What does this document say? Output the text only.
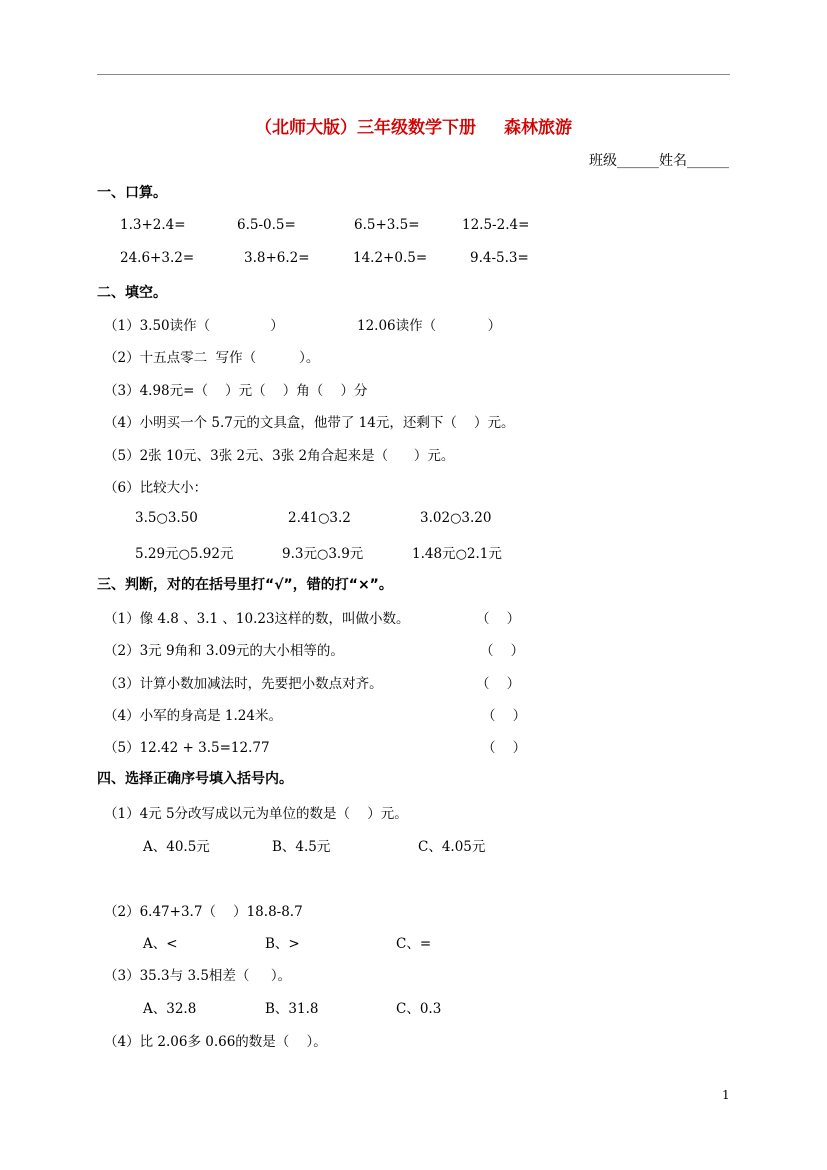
（北师大版）三年级数学下册 森林旅游
班级______姓名______
一、口算。
1.3+2.4=	6.5-0.5=	6.5+3.5=	12.5-2.4=
24.6+3.2=	3.8+6.2=	14.2+0.5=	9.4-5.3=
二、填空。
（1）3.50读作（              ）	12.06读作（            ）
（2）十五点零二  写作（          ）。
（3）4.98元=（    ）元（    ）角（    ）分
（4）小明买一个 5.7元的文具盒，他带了 14元，还剩下（    ）元。
（5）2张 10元、3张 2元、3张 2角合起来是（      ）元。
（6）比较大小：
3.5○3.50	2.41○3.2	3.02○3.20
5.29元○5.92元	9.3元○3.9元	1.48元○2.1元
三、判断，对的在括号里打“√”，错的打“×”。
（1）像 4.8 、3.1 、10.23这样的数，叫做小数。	（    ）
（2）3元 9角和 3.09元的大小相等的。	（    ）
（3）计算小数加减法时，先要把小数点对齐。	（    ）
（4）小军的身高是 1.24米。	（    ）
（5）12.42 + 3.5=12.77	（    ）
四、选择正确序号填入括号内。
（1）4元 5分改写成以元为单位的数是（    ）元。
A、40.5元	B、4.5元	C、4.05元
（2）6.47+3.7（    ）18.8-8.7
A、<	B、>	C、=
（3）35.3与 3.5相差（     ）。
A、32.8	B、31.8	C、0.3
（4）比 2.06多 0.66的数是（    ）。
1
